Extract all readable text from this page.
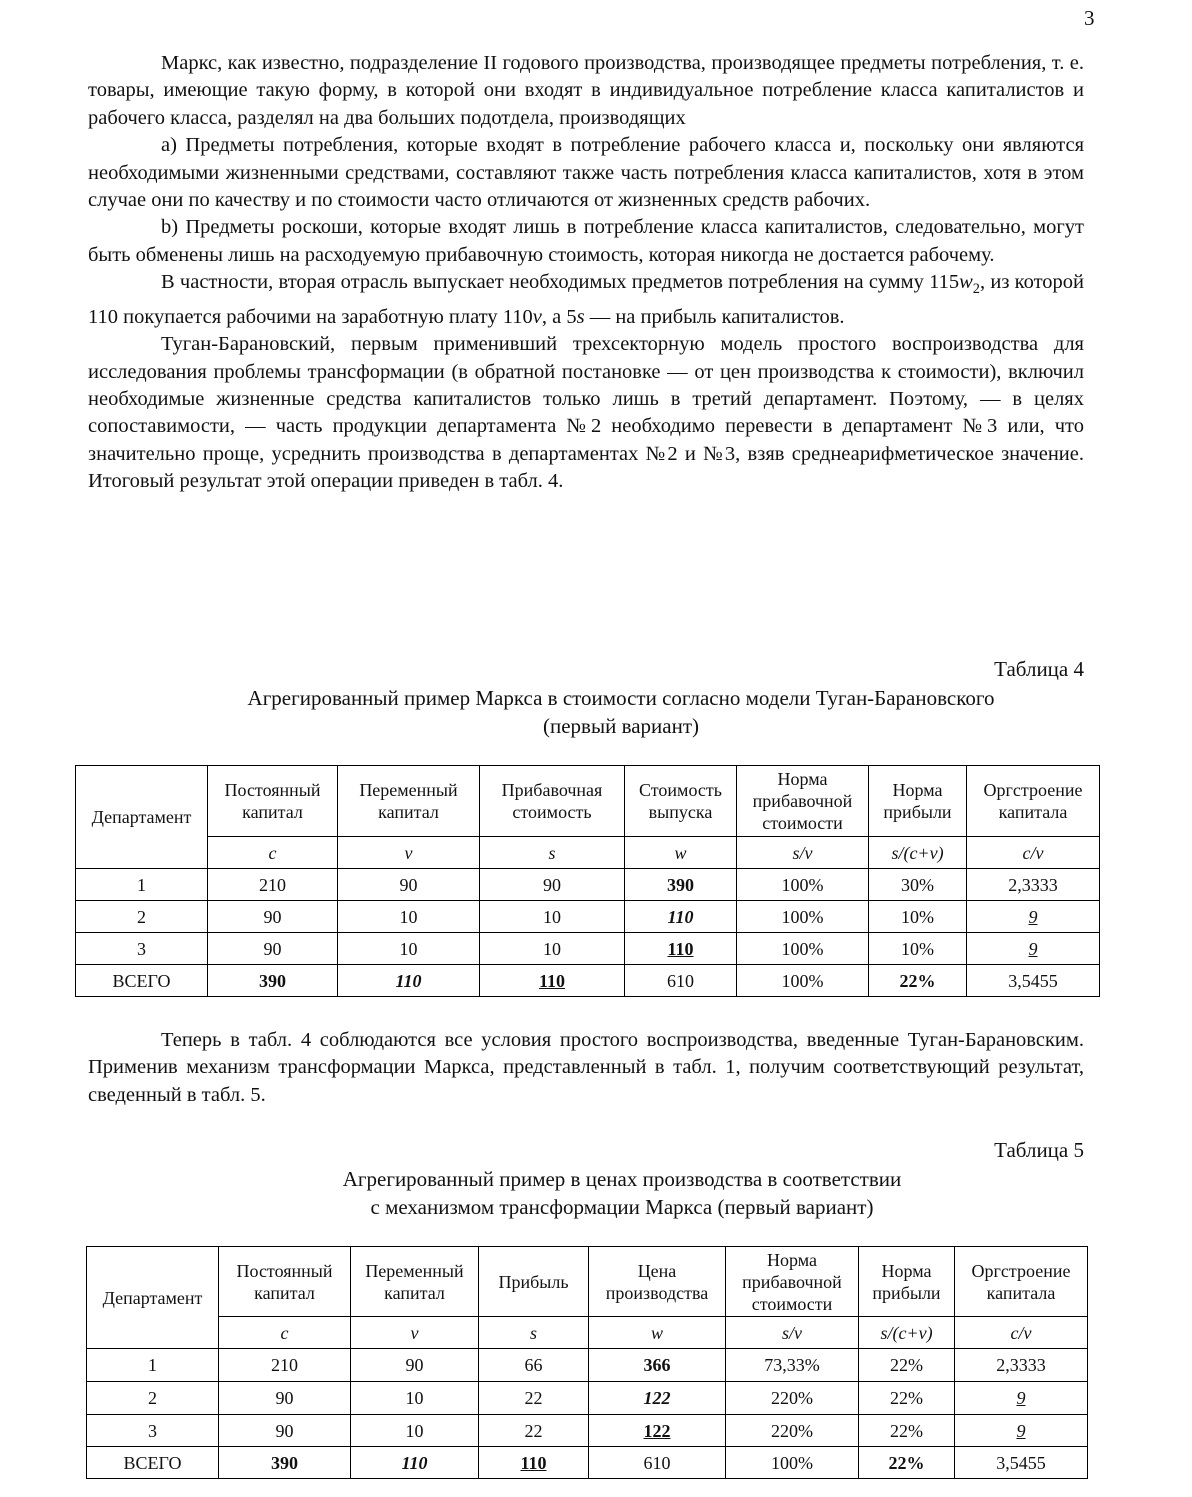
3

Маркс, как известно, подразделение II годового производства, производящее предметы потребления, т. е. товары, имеющие такую форму, в которой они входят в индивидуальное потребление класса капиталистов и рабочего класса, разделял на два больших подотдела, производящих

a) Предметы потребления, которые входят в потребление рабочего класса и, поскольку они являются необходимыми жизненными средствами, составляют также часть потребления класса капиталистов, хотя в этом случае они по качеству и по стоимости часто отличаются от жизненных средств рабочих.

b) Предметы роскоши, которые входят лишь в потребление класса капиталистов, следовательно, могут быть обменены лишь на расходуемую прибавочную стоимость, которая никогда не достается рабочему.

В частности, вторая отрасль выпускает необходимых предметов потребления на сумму $115w_2$, из которой 110 покупается рабочими на заработную плату 110v, а 5s — на прибыль капиталистов.

Туган-Барановский, первым применивший трехсекторную модель простого воспроизводства для исследования проблемы трансформации (в обратной постановке — от цен производства к стоимости), включил необходимые жизненные средства капиталистов только лишь в третий департамент. Поэтому, — в целях сопоставимости, — часть продукции департамента №2 необходимо перевести в департамент №3 или, что значительно проще, усреднить производства в департаментах №2 и №3, взяв среднеарифметическое значение. Итоговый результат этой операции приведен в табл. 4.

Таблица 4
Агрегированный пример Маркса в стоимости согласно модели Туган-Барановского
(первый вариант)
Департамент	Постоянный капитал	Переменный капитал	Прибавочная стоимость	Стоимость выпуска	Норма прибавочной стоимости	Норма прибыли	Оргстроение капитала
	c	v	s	w	s/v	s/(c+v)	c/v
1	210	90	90	390	100%	30%	2,3333
2	90	10	10	110	100%	10%	9
3	90	10	10	110	100%	10%	9
ВСЕГО	390	110	110	610	100%	22%	3,5455

Теперь в табл. 4 соблюдаются все условия простого воспроизводства, введенные Туган-Барановским. Применив механизм трансформации Маркса, представленный в табл. 1, получим соответствующий результат, сведенный в табл. 5.

Таблица 5
Агрегированный пример в ценах производства в соответствии
с механизмом трансформации Маркса (первый вариант)
Департамент	Постоянный капитал	Переменный капитал	Прибыль	Цена производства	Норма прибавочной стоимости	Норма прибыли	Оргстроение капитала
	c	v	s	w	s/v	s/(c+v)	c/v
1	210	90	66	366	73,33%	22%	2,3333
2	90	10	22	122	220%	22%	9
3	90	10	22	122	220%	22%	9
ВСЕГО	390	110	110	610	100%	22%	3,5455
